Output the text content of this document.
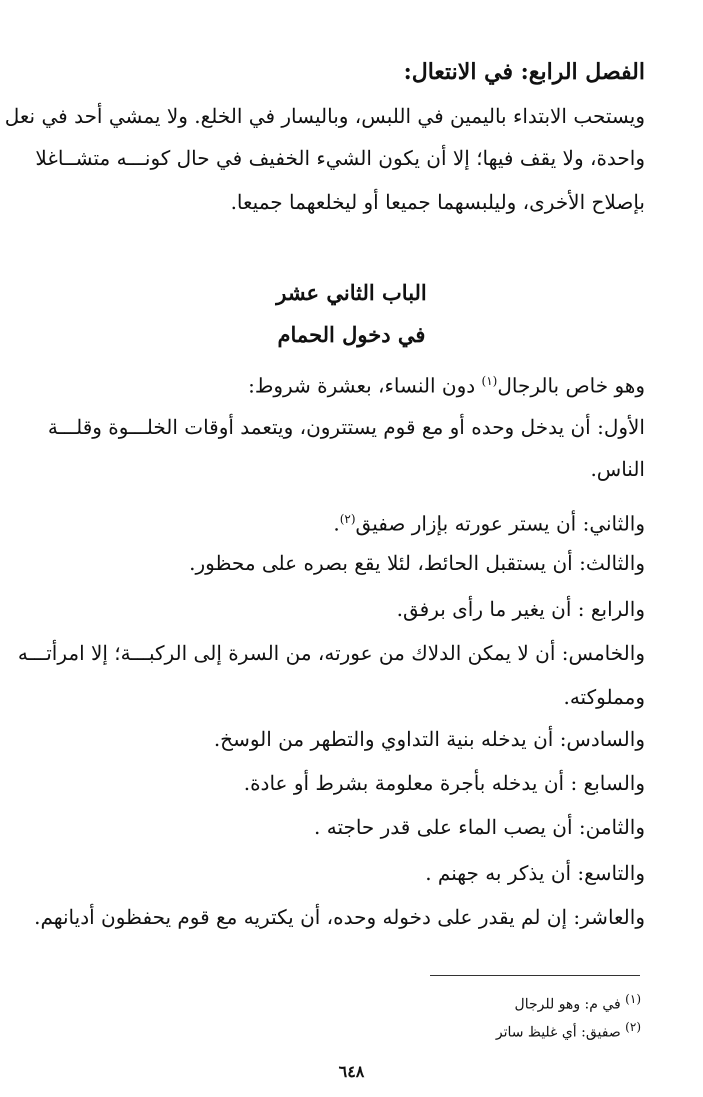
الفصل الرابع: في الانتعال:
ويستحب الابتداء باليمين في اللبس، وباليسار في الخلع. ولا يمشي أحد في نعل
واحدة، ولا يقف فيها؛ إلا أن يكون الشيء الخفيف في حال كونـــه متشــاغلا
بإصلاح الأخرى، وليلبسهما جميعا أو ليخلعهما جميعا.
الباب الثاني عشر
في دخول الحمام
وهو خاص بالرجال$^{(١)}$ دون النساء، بعشرة شروط:
الأول: أن يدخل وحده أو مع قوم يستترون، ويتعمد أوقات الخلـــوة وقلـــة
الناس.
والثاني: أن يستر عورته بإزار صفيق$^{(٢)}$.
والثالث: أن يستقبل الحائط، لئلا يقع بصره على محظور.
والرابع : أن يغير ما رأى برفق.
والخامس: أن لا يمكن الدلاك من عورته، من السرة إلى الركبـــة؛ إلا امرأتـــه
ومملوكته.
والسادس: أن يدخله بنية التداوي والتطهر من الوسخ.
والسابع : أن يدخله بأجرة معلومة بشرط أو عادة.
والثامن: أن يصب الماء على قدر حاجته .
والتاسع: أن يذكر به جهنم .
والعاشر: إن لم يقدر على دخوله وحده، أن يكتريه مع قوم يحفظون أديانهم.
$^{(١)}$ في م: وهو للرجال
$^{(٢)}$ صفيق: أي غليظ ساتر
٦٤٨
